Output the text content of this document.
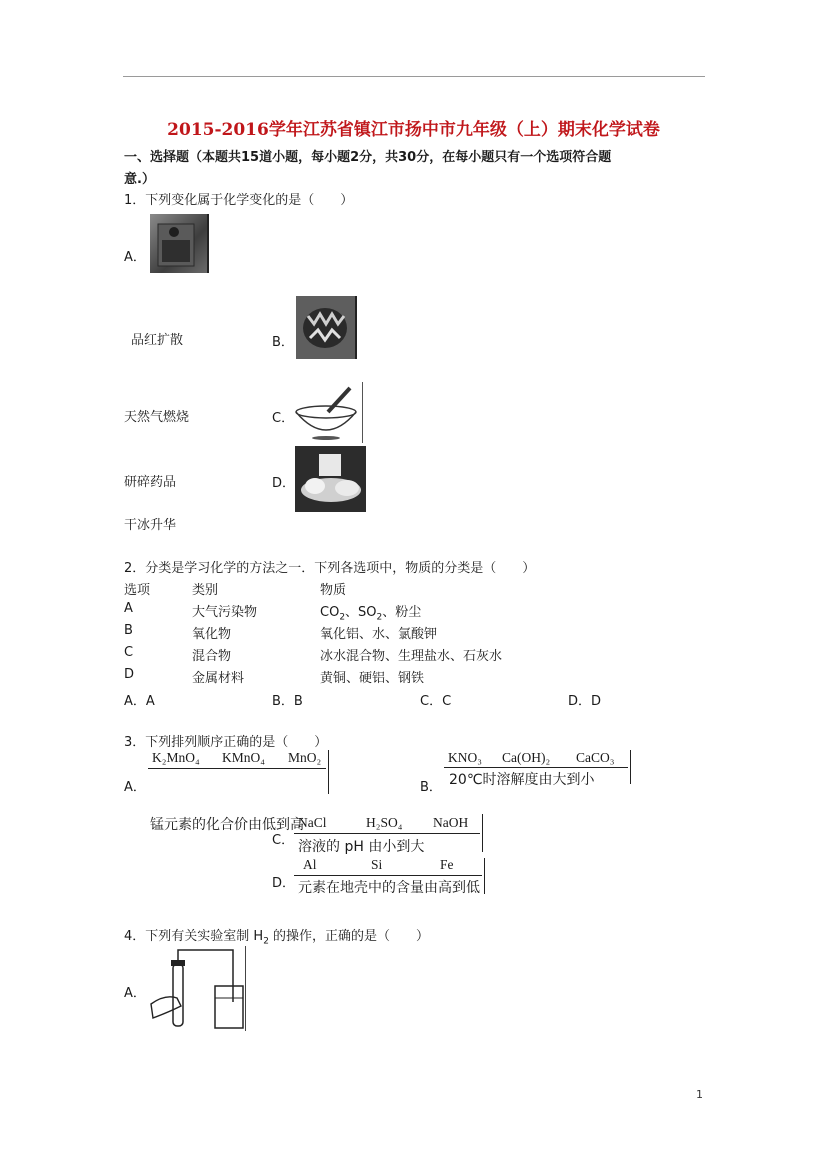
2015-2016学年江苏省镇江市扬中市九年级（上）期末化学试卷
一、选择题（本题共15道小题，每小题2分，共30分，在每小题只有一个选项符合题
意.）
1．下列变化属于化学变化的是（　　）
A．
品红扩散	B．
天然气燃烧	C．
研碎药品	D．
干冰升华
2．分类是学习化学的方法之一．下列各选项中，物质的分类是（　　）
选项	类别	物质
A	大气污染物	$CO_2$、$SO_2$、粉尘
B	氧化物	氧化铝、水、氯酸钾
C	混合物	冰水混合物、生理盐水、石灰水
D	金属材料	黄铜、硬铝、钢铁
A．A	B．B	C．C	D．D
3．下列排列顺序正确的是（　　）
A．
K₂MnO₄ KMnO₄ MnO₂
锰元素的化合价由低到高
B．
KNO₃ Ca(OH)₂ CaCO₃
20℃时溶解度由大到小
C．
NaCl	H₂SO₄ NaOH
溶液的 pH 由小到大
D．
Al	Si	Fe
元素在地壳中的含量由高到低
4．下列有关实验室制 $H_2$ 的操作，正确的是（　　）
A．
1
